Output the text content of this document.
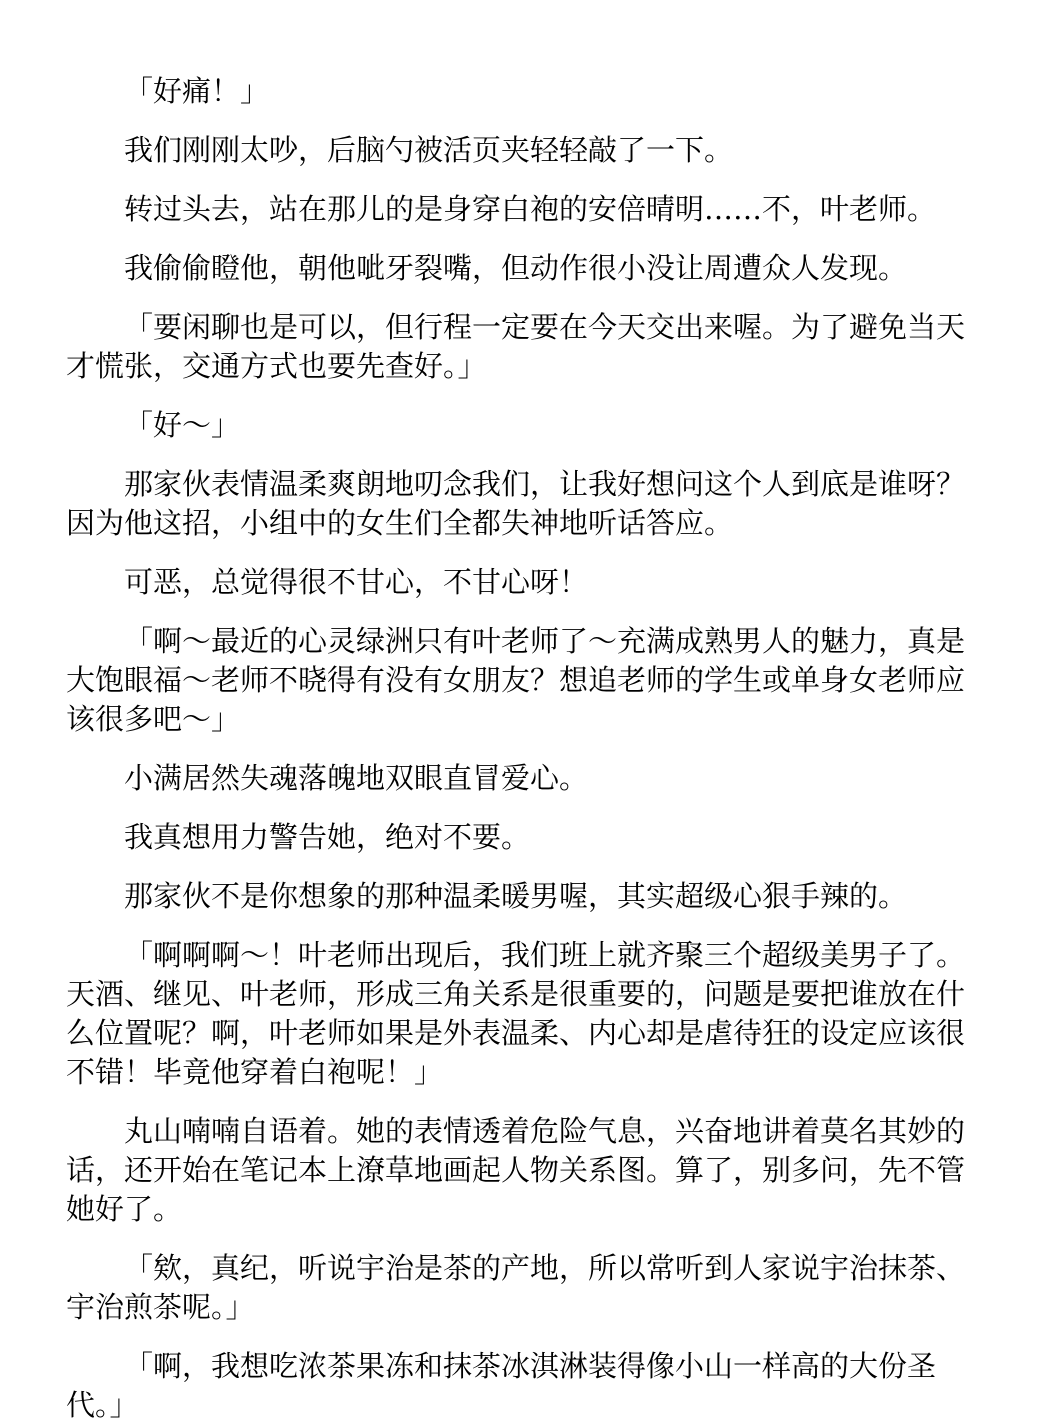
「好痛！」

我们刚刚太吵，后脑勺被活页夹轻轻敲了一下。

转过头去，站在那儿的是身穿白袍的安倍晴明……不，叶老师。

我偷偷瞪他，朝他呲牙裂嘴，但动作很小没让周遭众人发现。

「要闲聊也是可以，但行程一定要在今天交出来喔。为了避免当天才慌张，交通方式也要先查好。」

「好～」

那家伙表情温柔爽朗地叨念我们，让我好想问这个人到底是谁呀？因为他这招，小组中的女生们全都失神地听话答应。

可恶，总觉得很不甘心，不甘心呀！

「啊～最近的心灵绿洲只有叶老师了～充满成熟男人的魅力，真是大饱眼福～老师不晓得有没有女朋友？想追老师的学生或单身女老师应该很多吧～」

小满居然失魂落魄地双眼直冒爱心。

我真想用力警告她，绝对不要。

那家伙不是你想象的那种温柔暖男喔，其实超级心狠手辣的。

「啊啊啊～！叶老师出现后，我们班上就齐聚三个超级美男子了。天酒、继见、叶老师，形成三角关系是很重要的，问题是要把谁放在什么位置呢？啊，叶老师如果是外表温柔、内心却是虐待狂的设定应该很不错！毕竟他穿着白袍呢！」

丸山喃喃自语着。她的表情透着危险气息，兴奋地讲着莫名其妙的话，还开始在笔记本上潦草地画起人物关系图。算了，别多问，先不管她好了。

「欸，真纪，听说宇治是茶的产地，所以常听到人家说宇治抹茶、宇治煎茶呢。」

「啊，我想吃浓茶果冻和抹茶冰淇淋装得像小山一样高的大份圣代。」
